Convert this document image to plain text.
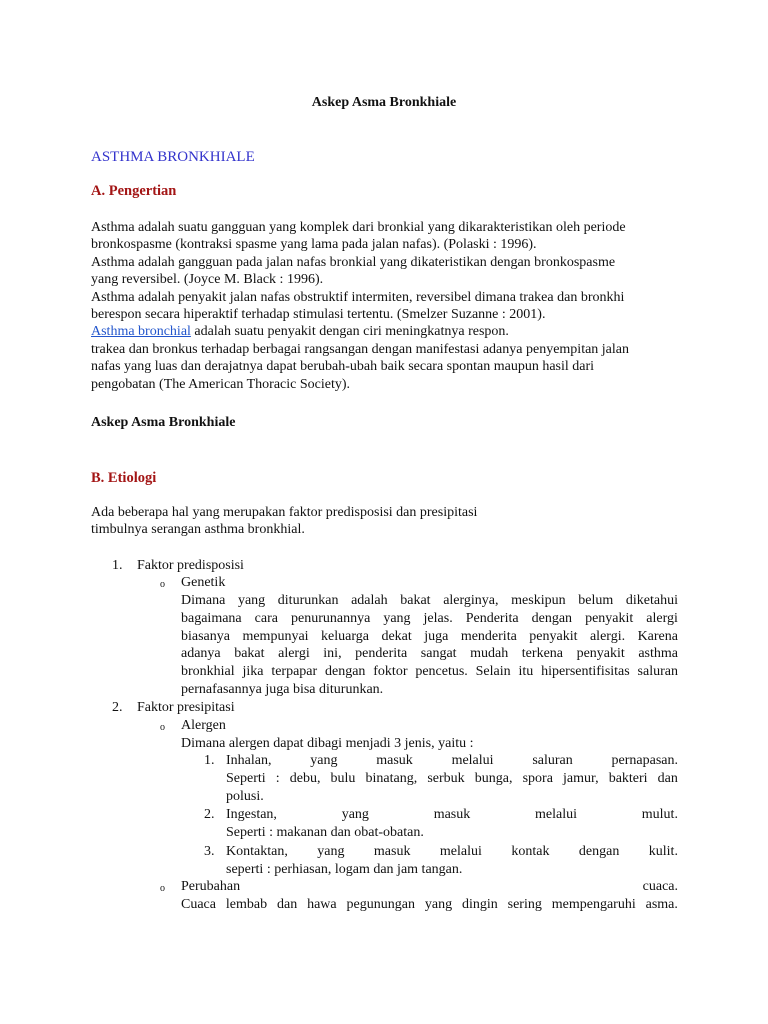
Askep Asma Bronkhiale
ASTHMA BRONKHIALE
A. Pengertian
Asthma adalah suatu gangguan yang komplek dari bronkial yang dikarakteristikan oleh periode
bronkospasme (kontraksi spasme yang lama pada jalan nafas). (Polaski : 1996).
Asthma adalah gangguan pada jalan nafas bronkial yang dikateristikan dengan bronkospasme
yang reversibel. (Joyce M. Black : 1996).
Asthma adalah penyakit jalan nafas obstruktif intermiten, reversibel dimana trakea dan bronkhi
berespon secara hiperaktif terhadap stimulasi tertentu. (Smelzer Suzanne : 2001).
Asthma bronchial adalah suatu penyakit dengan ciri meningkatnya respon.
trakea dan bronkus terhadap berbagai rangsangan dengan manifestasi adanya penyempitan jalan
nafas yang luas dan derajatnya dapat berubah-ubah baik secara spontan maupun hasil dari
pengobatan (The American Thoracic Society).
Askep Asma Bronkhiale
B. Etiologi
Ada beberapa hal yang merupakan faktor predisposisi dan presipitasi
timbulnya serangan asthma bronkhial.
1. Faktor predisposisi
o Genetik
Dimana yang diturunkan adalah bakat alerginya, meskipun belum diketahui
bagaimana cara penurunannya yang jelas. Penderita dengan penyakit alergi
biasanya mempunyai keluarga dekat juga menderita penyakit alergi. Karena
adanya bakat alergi ini, penderita sangat mudah terkena penyakit asthma
bronkhial jika terpapar dengan foktor pencetus. Selain itu hipersentifisitas saluran
pernafasannya juga bisa diturunkan.
2. Faktor presipitasi
o Alergen
Dimana alergen dapat dibagi menjadi 3 jenis, yaitu :
1. Inhalan,	yang	masuk	melalui	saluran	pernapasan.
Seperti : debu, bulu binatang, serbuk bunga, spora jamur, bakteri dan
polusi.
2. Ingestan,	yang	masuk	melalui	mulut.
Seperti : makanan dan obat-obatan.
3. Kontaktan, yang masuk melalui kontak dengan kulit.
seperti : perhiasan, logam dan jam tangan.
o Perubahan	cuaca.
Cuaca lembab dan hawa pegunungan yang dingin sering mempengaruhi asma.
